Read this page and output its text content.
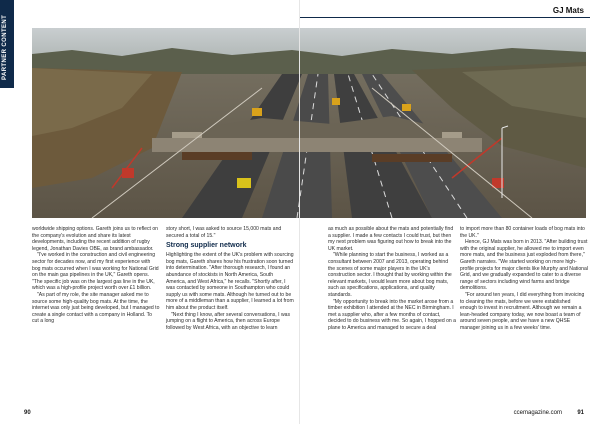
PARTNER CONTENT
GJ Mats

worldwide shipping options. Gareth joins us to reflect on the company's evolution and share its latest developments, including the recent addition of rugby legend, Jonathan Davies OBE, as brand ambassador.

"I've worked in the construction and civil engineering sector for decades now, and my first experience with bog mats occurred when I was working for National Grid on the main gas pipelines in the UK," Gareth opens. "The specific job was on the largest gas line in the UK, which was a high-profile project worth over £1 billion.

"As part of my role, the site manager asked me to source some high-quality bog mats. At the time, the internet was only just being developed, but I managed to create a single contact with a company in Holland. To cut a long

story short, I was asked to source 15,000 mats and secured a total of 15."

Strong supplier network

Highlighting the extent of the UK's problem with sourcing bog mats, Gareth shares how his frustration soon turned into determination. "After thorough research, I found an abundance of stockists in North America, South America, and West Africa," he recalls. "Shortly after, I was contacted by someone in Southampton who could supply us with some mats. Although he turned out to be more of a middleman than a supplier, I learned a lot from him about the product itself.

"Next thing I know, after several conversations, I was jumping on a flight to America, then across Europe followed by West Africa, with an objective to learn

as much as possible about the mats and potentially find a supplier. I made a few contacts I could trust, but then my next problem was figuring out how to break into the UK market.

"While planning to start the business, I worked as a consultant between 2007 and 2013, operating behind the scenes of some major players in the UK's construction sector. I thought that by working within the relevant markets, I would learn more about bog mats, such as specifications, applications, and quality standards.

"My opportunity to break into the market arose from a timber exhibition I attended at the NEC in Birmingham. I met a supplier who, after a few months of contact, decided to do business with me. So again, I hopped on a plane to America and managed to secure a deal

to import more than 80 container loads of bog mats into the UK."

Hence, GJ Mats was born in 2013. "After building trust with the original supplier, he allowed me to import even more mats, and the business just exploded from there," Gareth narrates. "We started working on more high-profile projects for major clients like Murphy and National Grid, and we gradually expanded to cater to a diverse range of sectors including wind farms and bridge demolitions.

"For around ten years, I did everything from invoicing to cleaning the mats, before we were established enough to invest in recruitment. Although we remain a lean-headed company today, we now boast a team of around seven people, and we have a new QHSE manager joining us in a few weeks' time.

90	ccemagazine.com	91
